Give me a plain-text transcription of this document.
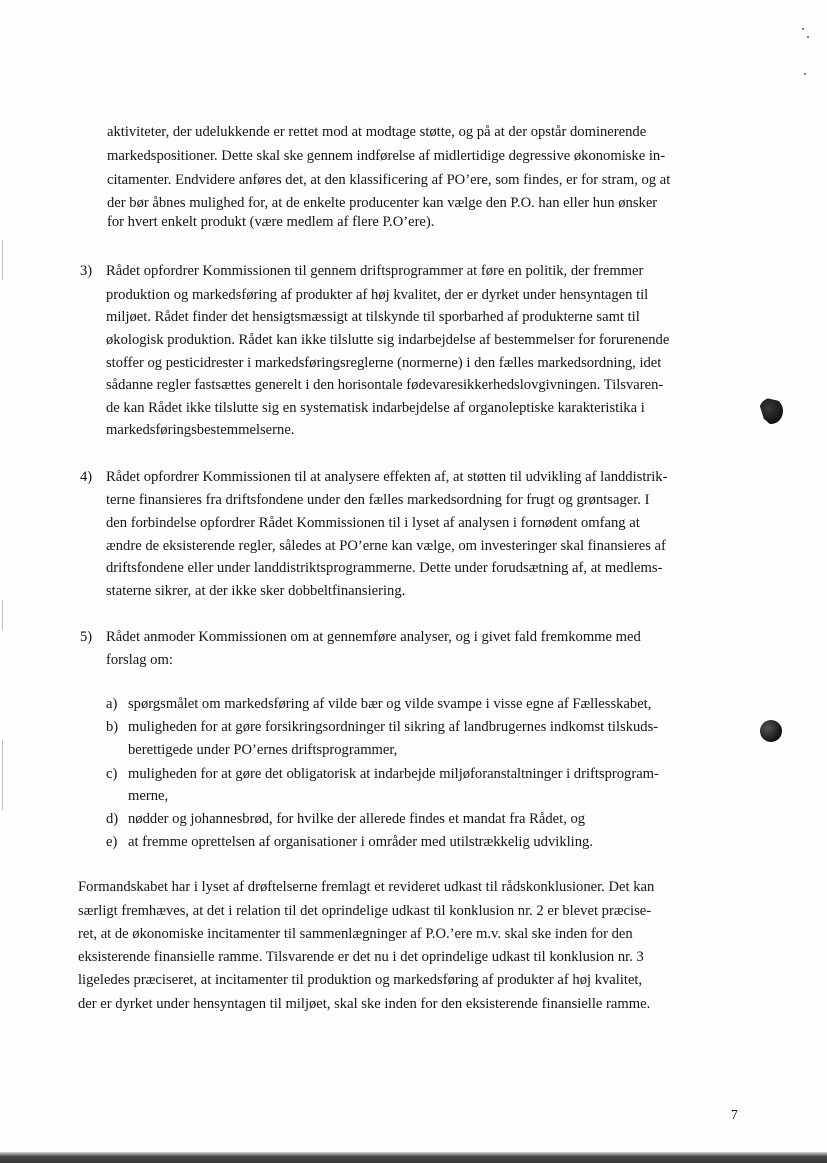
aktiviteter, der udelukkende er rettet mod at modtage støtte, og på at der opstår dominerende
markedspositioner. Dette skal ske gennem indførelse af midlertidige degressive økonomiske in-
citamenter. Endvidere anføres det, at den klassificering af PO’ere, som findes, er for stram, og at
der bør åbnes mulighed for, at de enkelte producenter kan vælge den P.O. han eller hun ønsker
for hvert enkelt produkt (være medlem af flere P.O’ere).
3) Rådet opfordrer Kommissionen til gennem driftsprogrammer at føre en politik, der fremmer
produktion og markedsføring af produkter af høj kvalitet, der er dyrket under hensyntagen til
miljøet. Rådet finder det hensigtsmæssigt at tilskynde til sporbarhed af produkterne samt til
økologisk produktion. Rådet kan ikke tilslutte sig indarbejdelse af bestemmelser for forurenende
stoffer og pesticidrester i markedsføringsreglerne (normerne) i den fælles markedsordning, idet
sådanne regler fastsættes generelt i den horisontale fødevaresikkerhedslovgivningen. Tilsvaren-
de kan Rådet ikke tilslutte sig en systematisk indarbejdelse af organoleptiske karakteristika i
markedsføringsbestemmelserne.
4) Rådet opfordrer Kommissionen til at analysere effekten af, at støtten til udvikling af landdistrik-
terne finansieres fra driftsfondene under den fælles markedsordning for frugt og grøntsager. I
den forbindelse opfordrer Rådet Kommissionen til i lyset af analysen i fornødent omfang at
ændre de eksisterende regler, således at PO’erne kan vælge, om investeringer skal finansieres af
driftsfondene eller under landdistriktsprogrammerne. Dette under forudsætning af, at medlems-
staterne sikrer, at der ikke sker dobbeltfinansiering.
5) Rådet anmoder Kommissionen om at gennemføre analyser, og i givet fald fremkomme med
forslag om:
a) spørgsmålet om markedsføring af vilde bær og vilde svampe i visse egne af Fællesskabet,
b) muligheden for at gøre forsikringsordninger til sikring af landbrugernes indkomst tilskuds-
berettigede under PO’ernes driftsprogrammer,
c) muligheden for at gøre det obligatorisk at indarbejde miljøforanstaltninger i driftsprogram-
merne,
d) nødder og johannesbrød, for hvilke der allerede findes et mandat fra Rådet, og
e) at fremme oprettelsen af organisationer i områder med utilstrækkelig udvikling.
Formandskabet har i lyset af drøftelserne fremlagt et revideret udkast til rådskonklusioner. Det kan
særligt fremhæves, at det i relation til det oprindelige udkast til konklusion nr. 2 er blevet præcise-
ret, at de økonomiske incitamenter til sammenlægninger af P.O.’ere m.v. skal ske inden for den
eksisterende finansielle ramme. Tilsvarende er det nu i det oprindelige udkast til konklusion nr. 3
ligeledes præciseret, at incitamenter til produktion og markedsføring af produkter af høj kvalitet,
der er dyrket under hensyntagen til miljøet, skal ske inden for den eksisterende finansielle ramme.
7
